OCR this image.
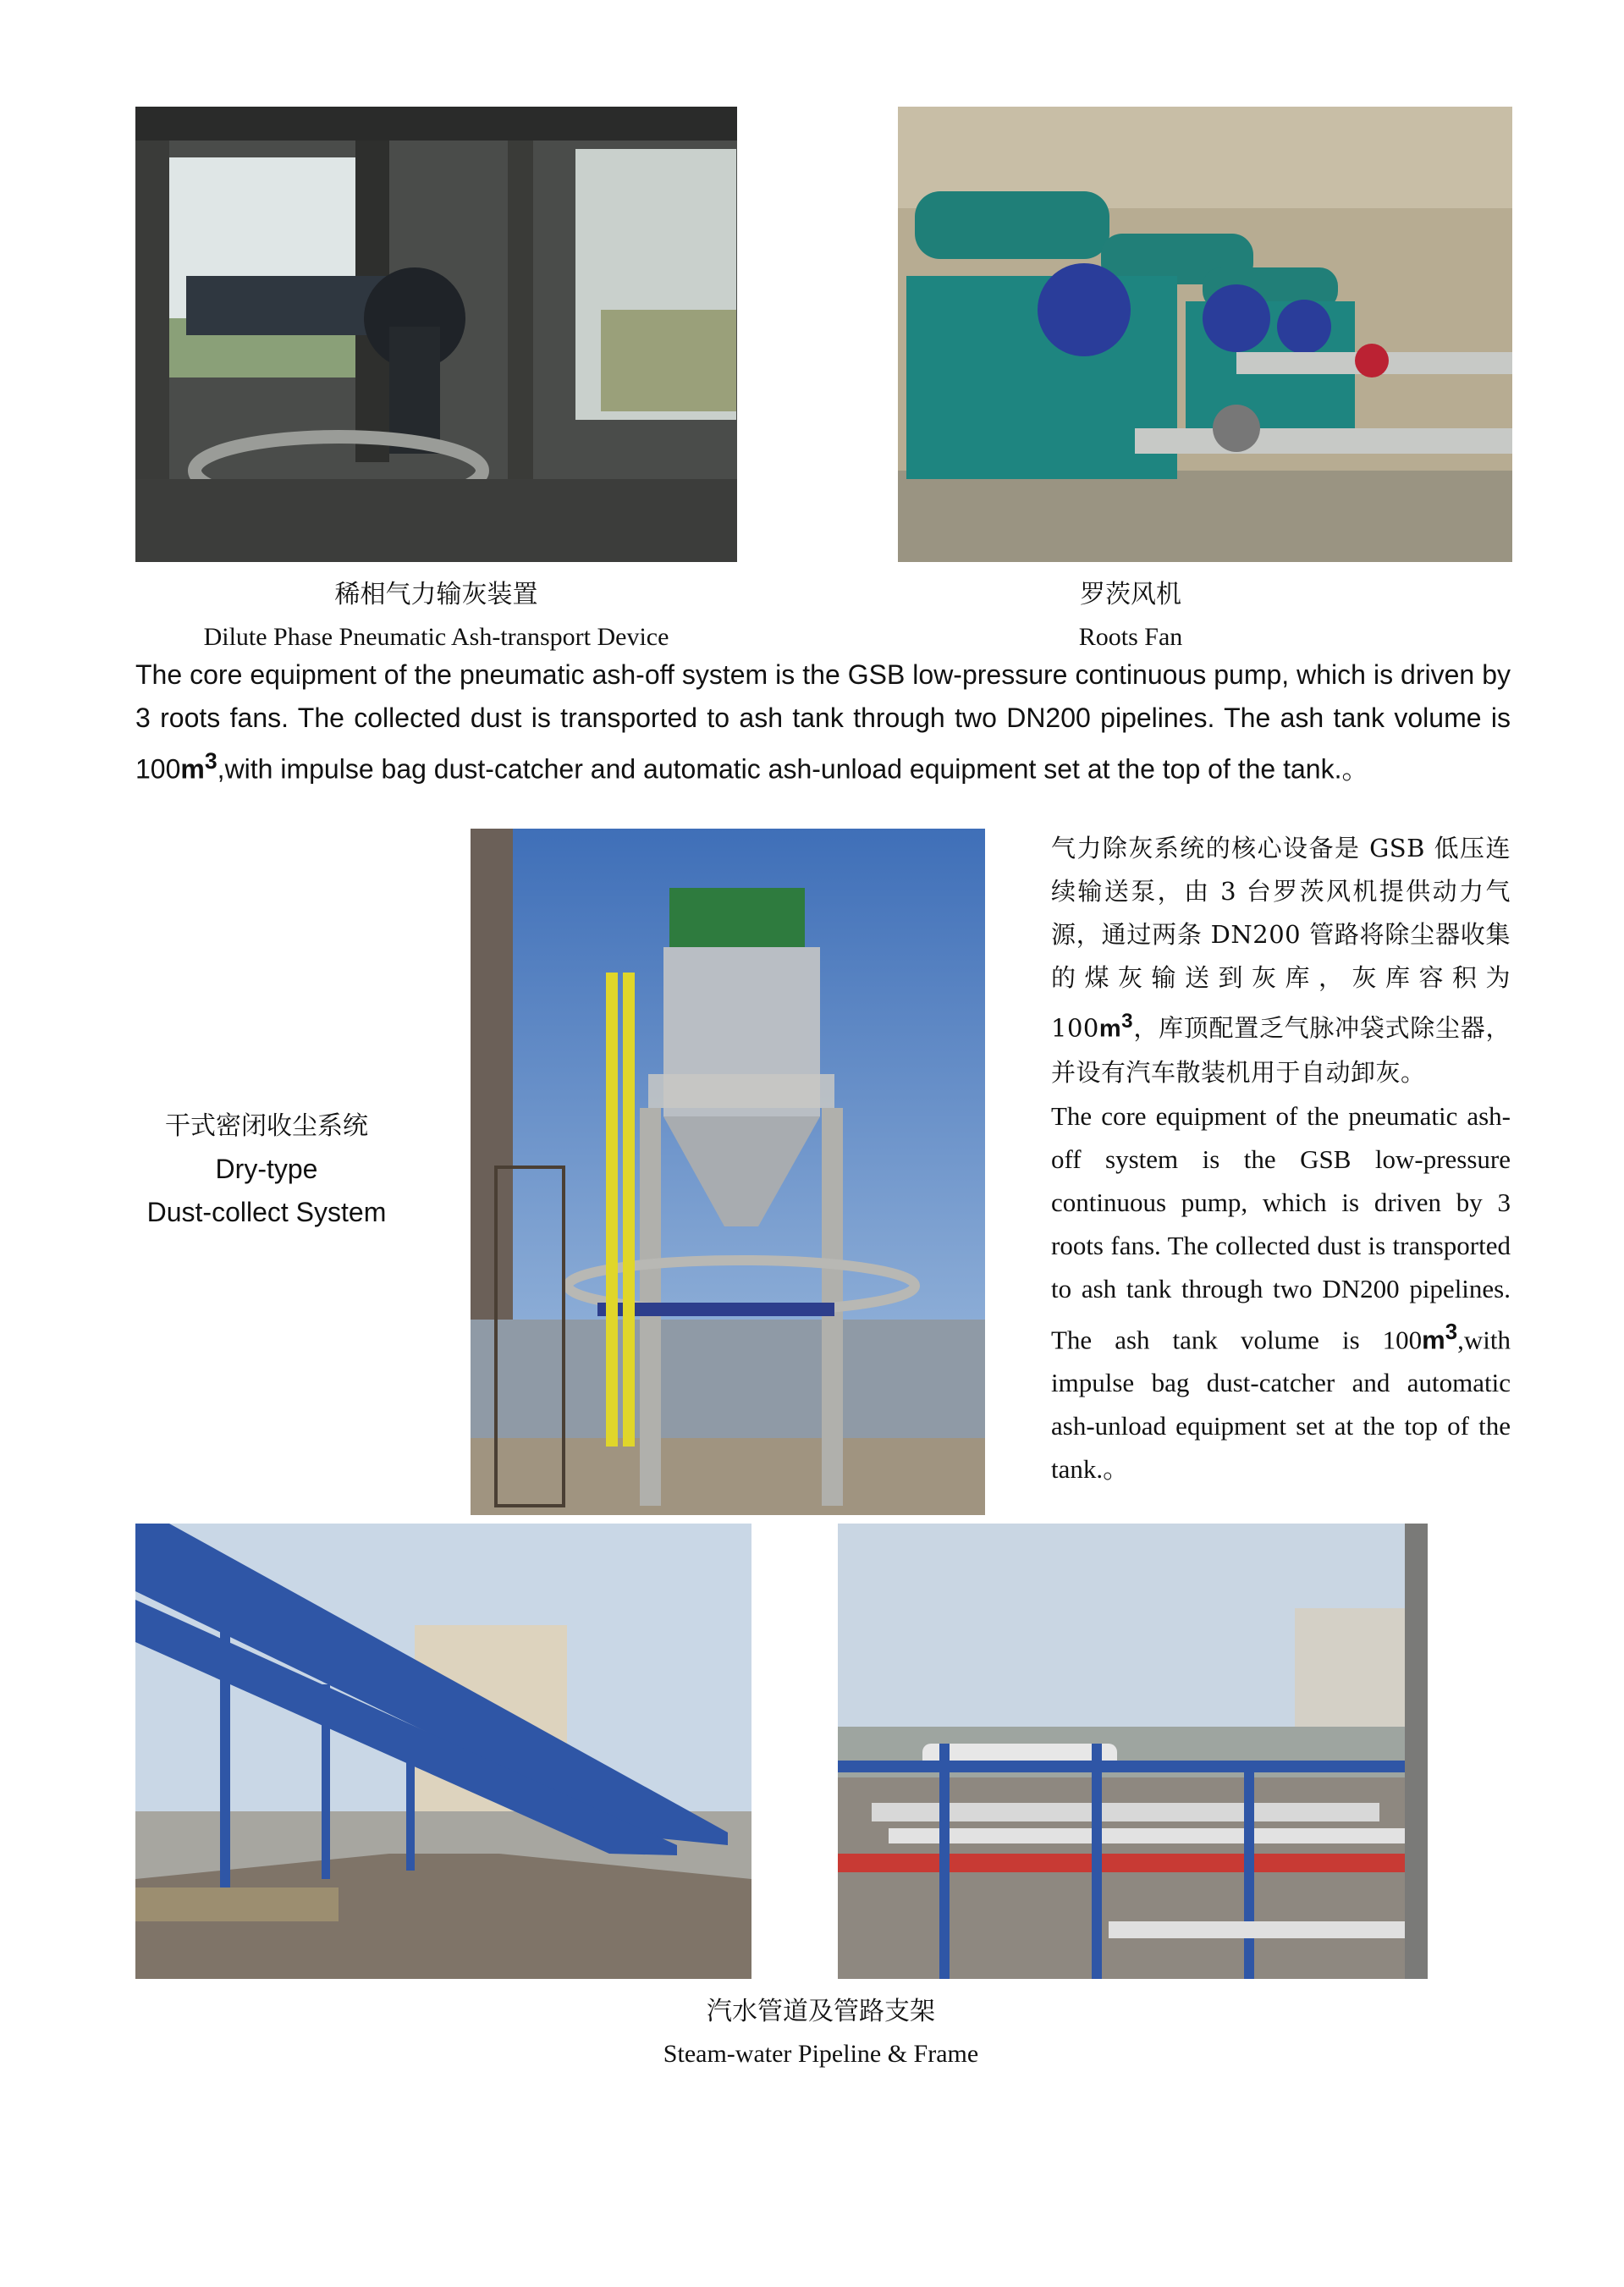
稀相气力输灰装置
Dilute Phase Pneumatic Ash-transport Device
罗茨风机
Roots Fan
The core equipment of the pneumatic ash-off system is the GSB low-pressure continuous pump, which is driven by 3 roots fans. The collected dust is transported to ash tank through two DN200 pipelines. The ash tank volume is $100m^3,with$ impulse bag dust-catcher and automatic ash-unload equipment set at the top of the tank.。
干式密闭收尘系统
Dry-type
Dust-collect System
气力除灰系统的核心设备是 GSB 低压连续输送泵，由 3 台罗茨风机提供动力气源，通过两条 DN200 管路将除尘器收集的煤灰输送到灰库，灰库容积为 $100m^3$，库顶配置乏气脉冲袋式除尘器，并设有汽车散装机用于自动卸灰。
The core equipment of the pneumatic ash-off system is the GSB low-pressure continuous pump, which is driven by 3 roots fans. The collected dust is transported to ash tank through two DN200 pipelines. The ash tank volume is $100m^3,with$ impulse bag dust-catcher and automatic ash-unload equipment set at the top of the tank.。
汽水管道及管路支架
Steam-water Pipeline & Frame
